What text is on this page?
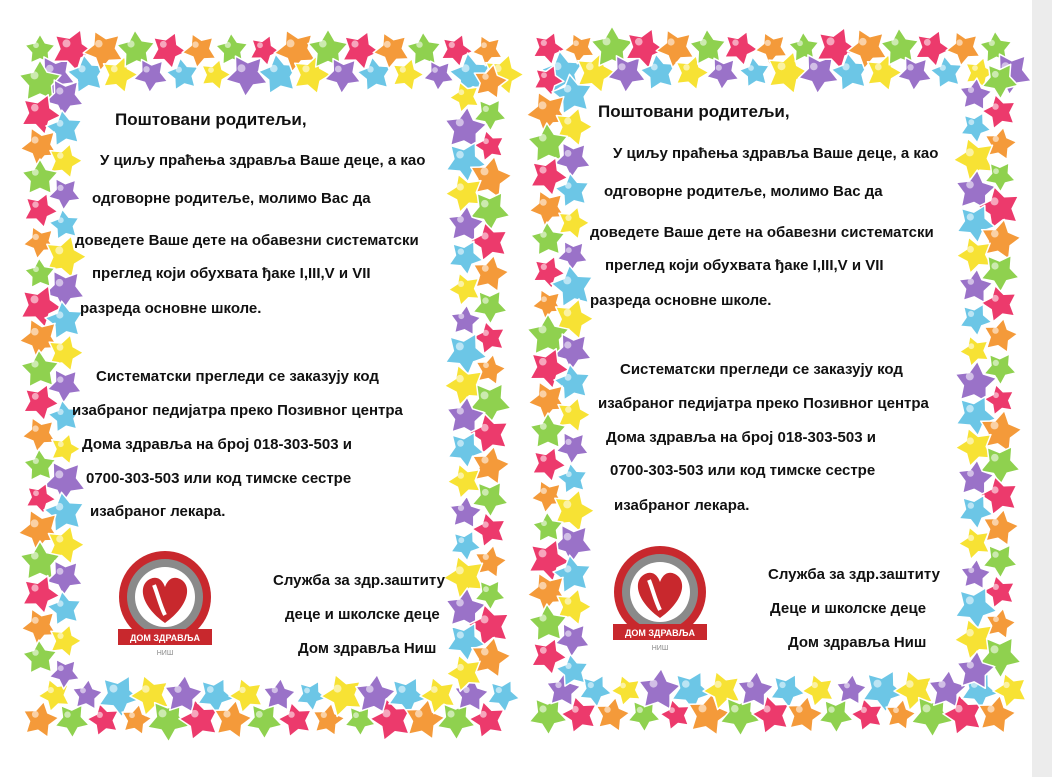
Поштовани родитељи,
У циљу праћења здравља Ваше деце, а као
одговорне родитеље, молимо Вас да
доведете Ваше дете на обавезни систематски
преглед који обухвата ђаке I,III,V и VII
разреда основне школе.
Систематски прегледи се заказују код
изабраног педијатра преко Позивног центра
Дома здравља на број 018-303-503 и
0700-303-503 или код тимске сестре
изабраног лекара.
Служба за здр.заштиту
деце и школске деце
Дом здравља Ниш
ДОМ ЗДРАВЉА
НИШ
Поштовани родитељи,
У циљу праћења здравља Ваше деце, а као
одговорне родитеље, молимо Вас да
доведете Ваше дете на обавезни систематски
преглед који обухвата ђаке I,III,V и VII
разреда основне школе.
Систематски прегледи се заказују код
изабраног педијатра преко Позивног центра
Дома здравља на број 018-303-503 и
0700-303-503 или код тимске сестре
изабраног лекара.
Служба за здр.заштиту
Деце и школске деце
Дом здравља Ниш
ДОМ ЗДРАВЉА
НИШ
